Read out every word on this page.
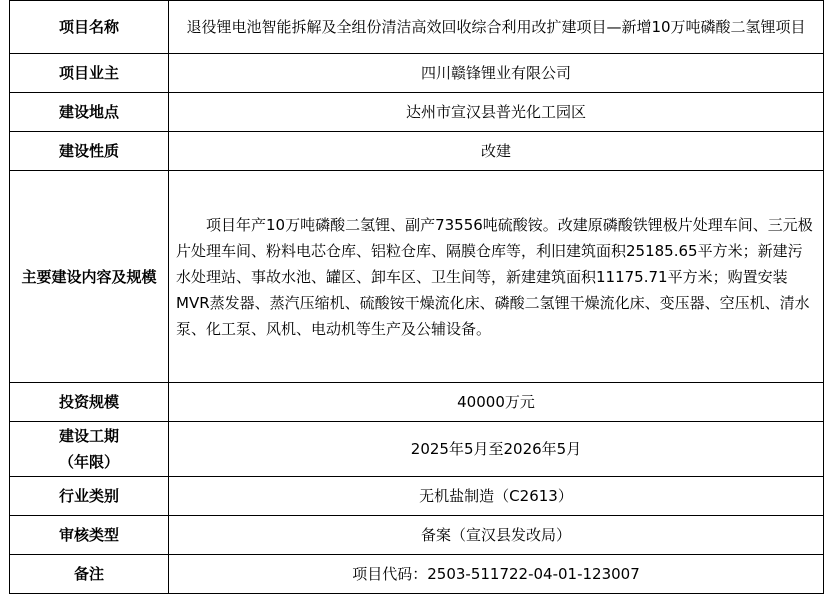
项目名称	退役锂电池智能拆解及全组份清洁高效回收综合利用改扩建项目—新增10万吨磷酸二氢锂项目
项目业主	四川赣锋锂业有限公司
建设地点	达州市宣汉县普光化工园区
建设性质	改建
主要建设内容及规模	项目年产10万吨磷酸二氢锂、副产73556吨硫酸铵。改建原磷酸铁锂极片处理车间、三元极片处理车间、粉料电芯仓库、铝粒仓库、隔膜仓库等，利旧建筑面积25185.65平方米；新建污水处理站、事故水池、罐区、卸车区、卫生间等，新建建筑面积11175.71平方米；购置安装MVR蒸发器、蒸汽压缩机、硫酸铵干燥流化床、磷酸二氢锂干燥流化床、变压器、空压机、清水泵、化工泵、风机、电动机等生产及公辅设备。
投资规模	40000万元

建设工期
（年限）	2025年5月至2026年5月
行业类别	无机盐制造（C2613）
审核类型	备案（宣汉县发改局）
备注	项目代码：2503-511722-04-01-123007
